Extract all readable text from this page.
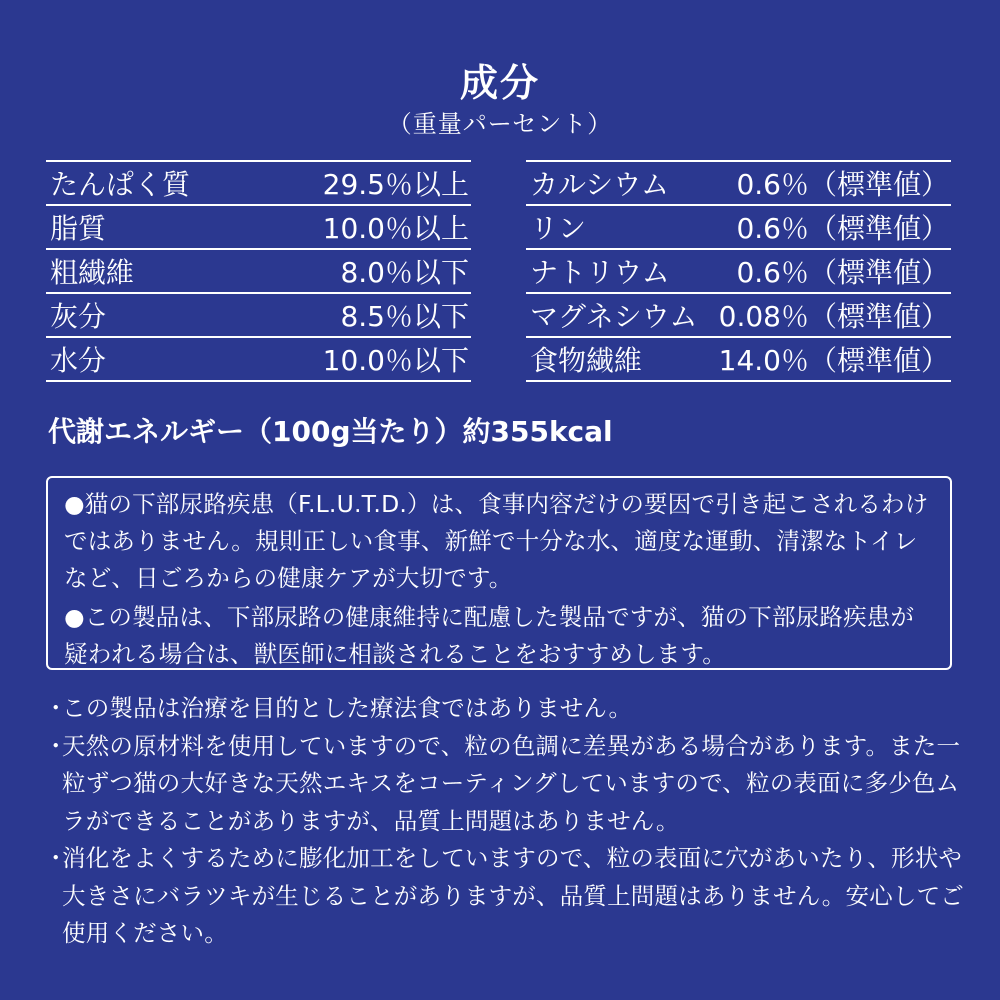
成分
（重量パーセント）
たんぱく質	29.5％以上
脂質	10.0％以上
粗繊維	8.0％以下
灰分	8.5％以下
水分	10.0％以下
カルシウム 0.6％（標準値）
リン	0.6％（標準値）
ナトリウム 0.6％（標準値）
マグネシウム 0.08％（標準値）
食物繊維	14.0％（標準値）
代謝エネルギー（100g当たり）約355kcal

●猫の下部尿路疾患（F.L.U.T.D.）は、食事内容だけの要因で引き起こされるわけではありません。規則正しい食事、新鮮で十分な水、適度な運動、清潔なトイレなど、日ごろからの健康ケアが大切です。

●この製品は、下部尿路の健康維持に配慮した製品ですが、猫の下部尿路疾患が疑われる場合は、獣医師に相談されることをおすすめします。

・
この製品は治療を目的とした療法食ではありません。
・
天然の原材料を使用していますので、粒の色調に差異がある場合があります。また一粒ずつ猫の大好きな天然エキスをコーティングしていますので、粒の表面に多少色ムラができることがありますが、品質上問題はありません。
・
消化をよくするために膨化加工をしていますので、粒の表面に穴があいたり、形状や大きさにバラツキが生じることがありますが、品質上問題はありません。安心してご使用ください。
